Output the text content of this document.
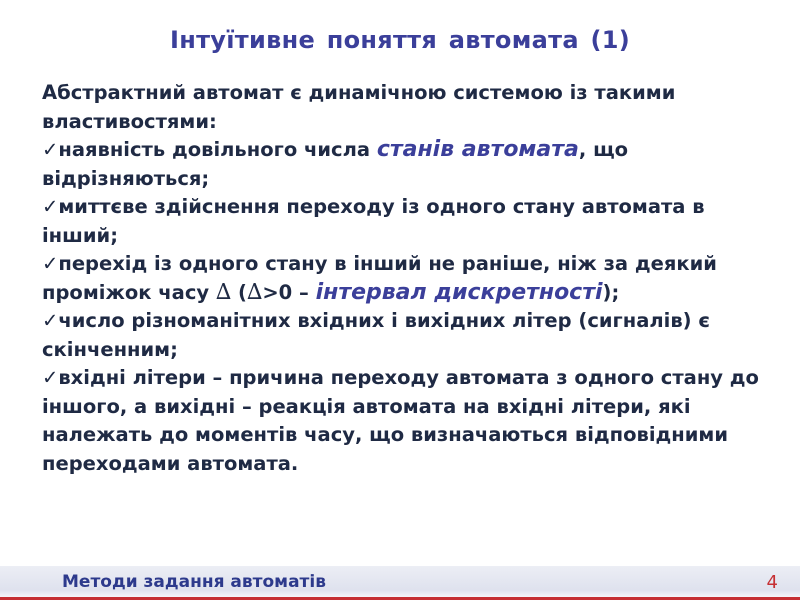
Інтуїтивне поняття автомата (1)

Абстрактний автомат є динамічною системою із такими властивостями:

✓наявність довільного числа станів автомата, що відрізняються;
✓миттєве здійснення переходу із одного стану автомата в інший;
✓перехід із одного стану в інший не раніше, ніж за деякий проміжок часу ∆ (∆>0 – інтервал дискретності);
✓число різноманітних вхідних і вихідних літер (сигналів) є скінченним;
✓вхідні літери – причина переходу автомата з одного стану до іншого, а вихідні – реакція автомата на вхідні літери, які належать до моментів часу, що визначаються відповідними переходами автомата.
Методи задання автоматів	4
